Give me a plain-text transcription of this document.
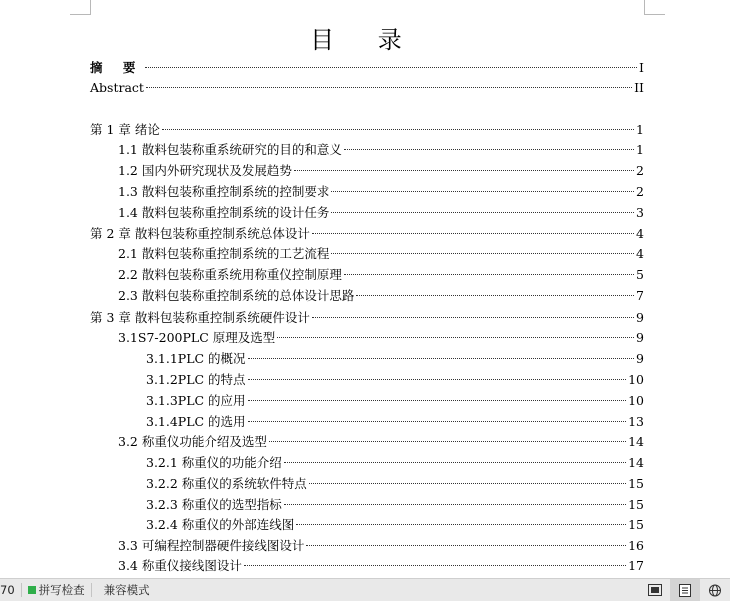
目 录
摘 要	I
Abstract	II
第 1 章 绪论	1
1.1 散料包装称重系统研究的目的和意义	1
1.2 国内外研究现状及发展趋势	2
1.3 散料包装称重控制系统的控制要求	2
1.4 散料包装称重控制系统的设计任务	3
第 2 章 散料包装称重控制系统总体设计	4
2.1 散料包装称重控制系统的工艺流程	4
2.2 散料包装称重系统用称重仪控制原理	5
2.3 散料包装称重控制系统的总体设计思路	7
第 3 章 散料包装称重控制系统硬件设计	9
3.1S7-200PLC 原理及选型	9
3.1.1PLC 的概况	9
3.1.2PLC 的特点	10
3.1.3PLC 的应用	10
3.1.4PLC 的选用	13
3.2 称重仪功能介绍及选型	14
3.2.1 称重仪的功能介绍	14
3.2.2 称重仪的系统软件特点	15
3.2.3 称重仪的选型指标	15
3.2.4 称重仪的外部连线图	15
3.3 可编程控制器硬件接线图设计	16
3.4 称重仪接线图设计	17
70	拼写检查	兼容模式
